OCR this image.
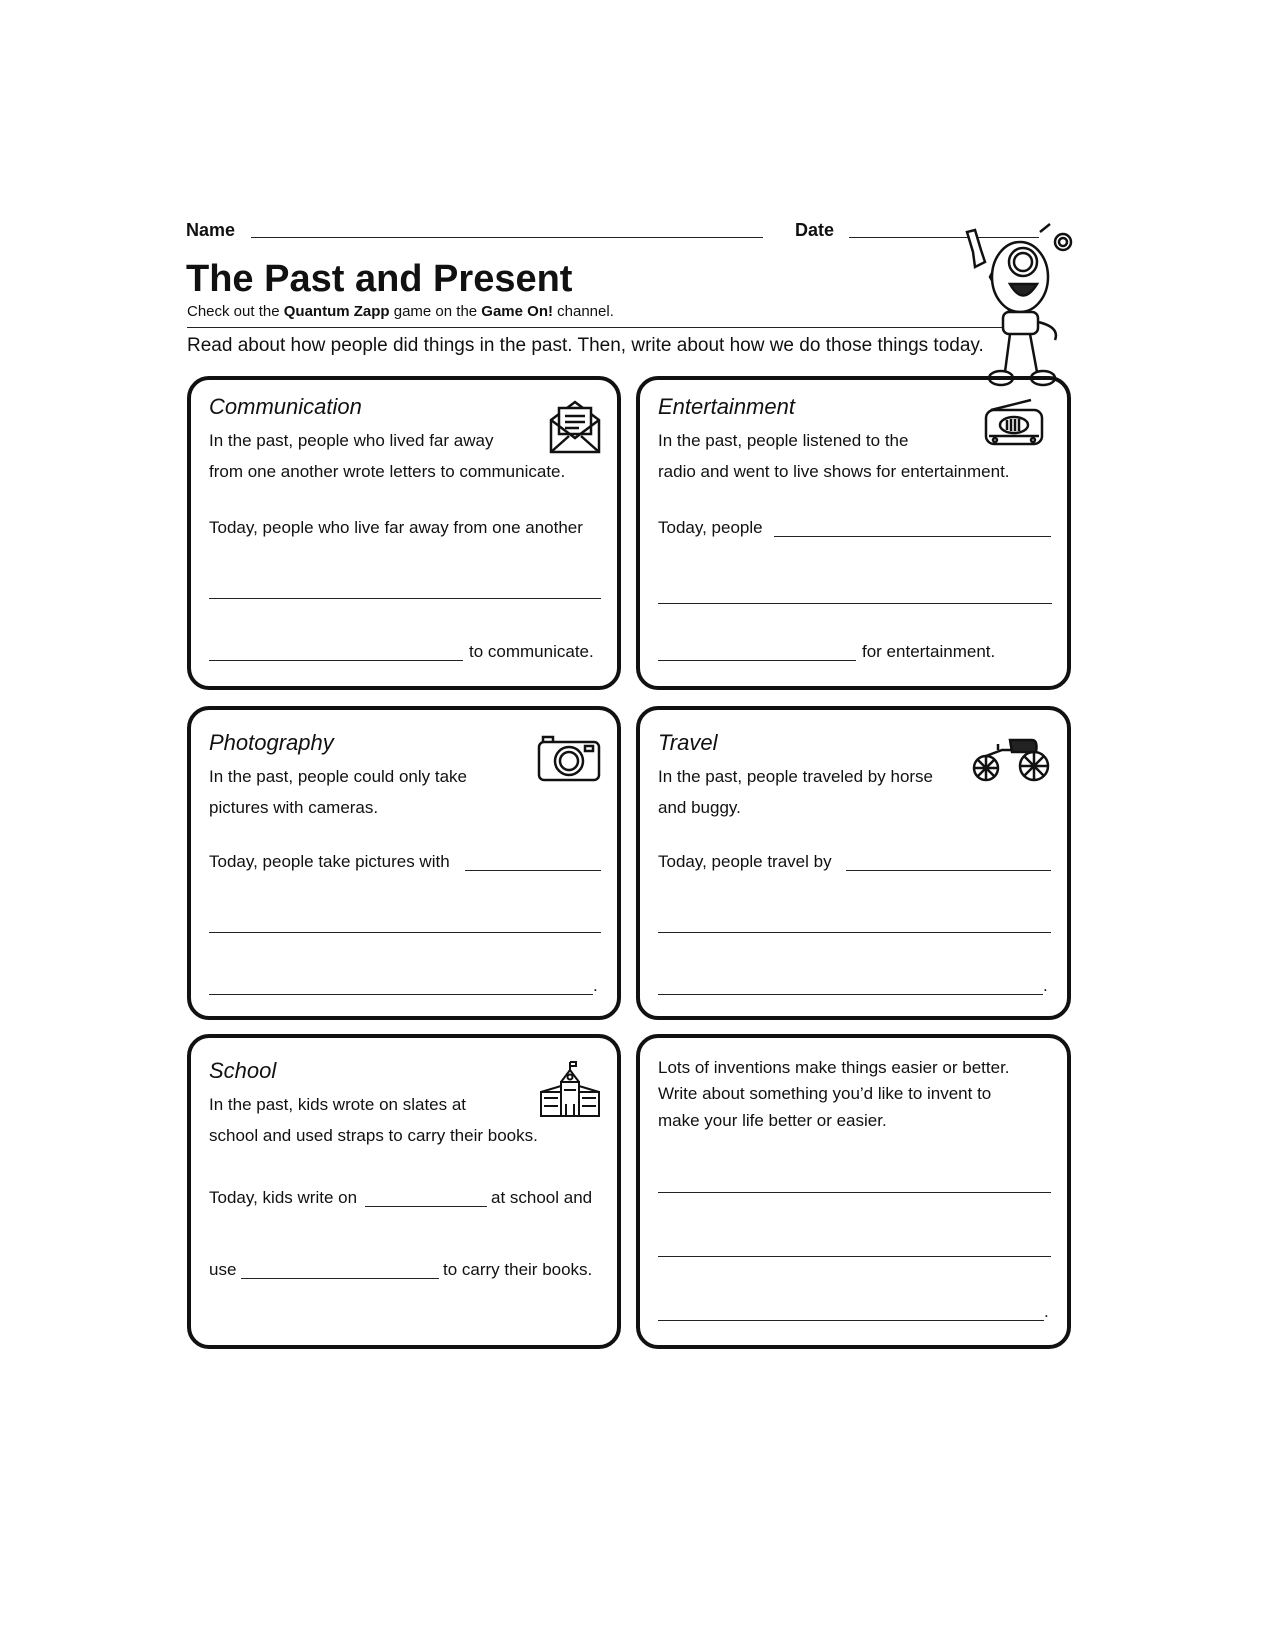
Name	Date
The Past and Present
Check out the Quantum Zapp game on the Game On! channel.
Read about how people did things in the past. Then, write about how we do those things today.
Communication
In the past, people who lived far away
from one another wrote letters to communicate.
Today, people who live far away from one another
to communicate.
Entertainment
In the past, people listened to the
radio and went to live shows for entertainment.
Today, people
for entertainment.
Photography
In the past, people could only take
pictures with cameras.
Today, people take pictures with
.
Travel
In the past, people traveled by horse
and buggy.
Today, people travel by
.
School
In the past, kids wrote on slates at
school and used straps to carry their books.
Today, kids write on	at school and
use	to carry their books.
Lots of inventions make things easier or better.
Write about something you’d like to invent to
make your life better or easier.
.
